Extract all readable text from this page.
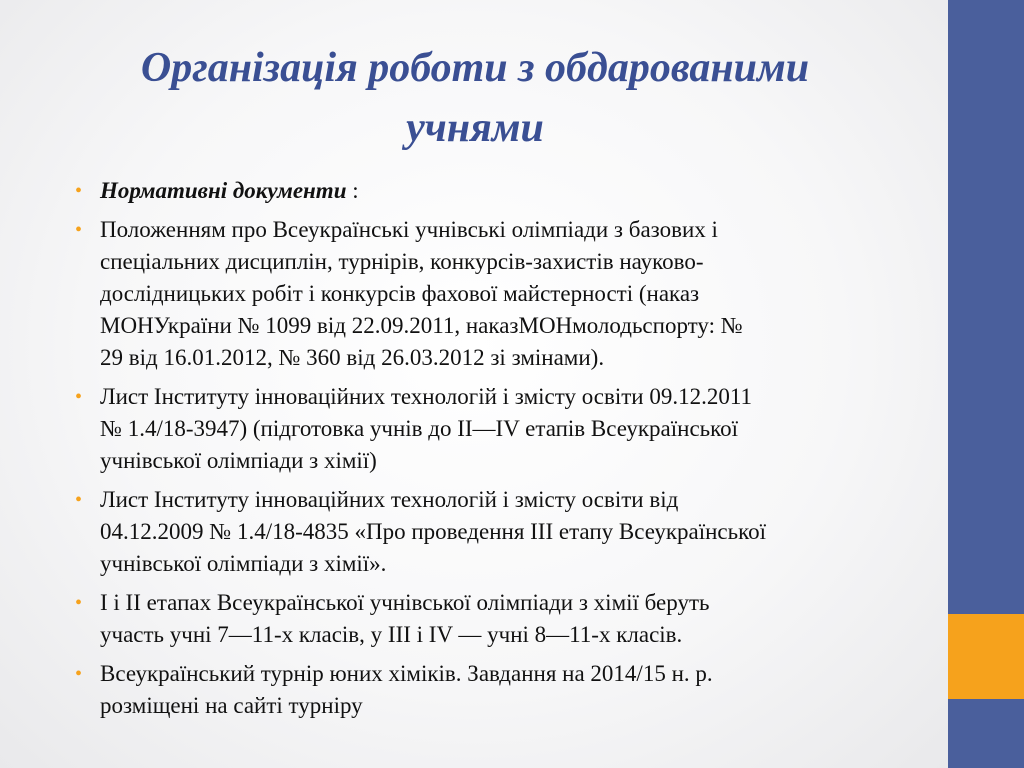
Організація роботи з обдарованими
учнями
• Нормативні документи :
• Положенням про Всеукраїнські учнівські олімпіади з базових і
спеціальних дисциплін, турнірів, конкурсів-захистів науково-
дослідницьких робіт і конкурсів фахової майстерності (наказ
МОНУкраїни № 1099 від 22.09.2011, наказМОНмолодьспорту: №
29 від 16.01.2012, № 360 від 26.03.2012 зі змінами).
• Лист Інституту інноваційних технологій і змісту освіти 09.12.2011
№ 1.4/18-3947) (підготовка учнів до II—IV етапів Всеукраїнської
учнівської олімпіади з хімії)
• Лист Інституту інноваційних технологій і змісту освіти від
04.12.2009 № 1.4/18-4835 «Про проведення III етапу Всеукраїнської
учнівської олімпіади з хімії».
• I і II етапах Всеукраїнської учнівської олімпіади з хімії беруть
участь учні 7—11-х класів, у III і IV — учні 8—11-х класів.
• Всеукраїнський турнір юних хіміків. Завдання на 2014/15 н. р.
розміщені на сайті турніру
